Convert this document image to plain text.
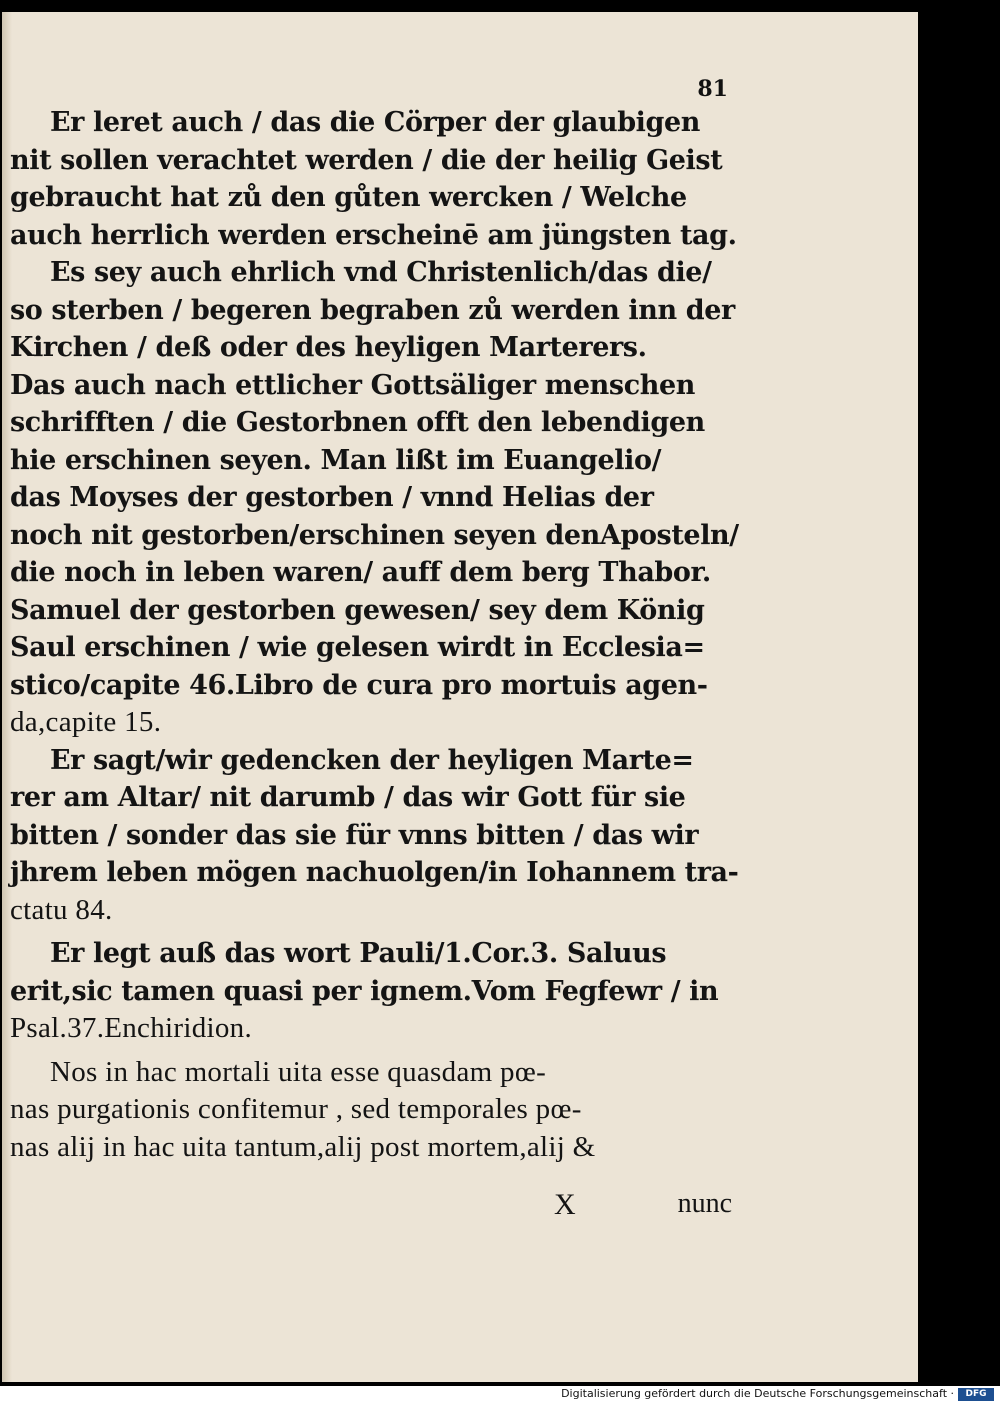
81
Er leret auch / das die Cörper der glaubigen
nit sollen verachtet werden / die der heilig Geist
gebraucht hat zů den gůten wercken / Welche
auch herrlich werden erscheinē am jüngsten tag.
Es sey auch ehrlich vnd Christenlich/das die/
so sterben / begeren begraben zů werden inn der
Kirchen / deß oder des heyligen Marterers.
Das auch nach ettlicher Gottsäliger menschen
schrifften / die Gestorbnen offt den lebendigen
hie erschinen seyen. Man lißt im Euangelio/
das Moyses der gestorben / vnnd Helias der
noch nit gestorben/erschinen seyen denAposteln/
die noch in leben waren/ auff dem berg Thabor.
Samuel der gestorben gewesen/ sey dem König
Saul erschinen / wie gelesen wirdt in Ecclesia=
stico/capite 46.Libro de cura pro mortuis agen-
da,capite 15.
Er sagt/wir gedencken der heyligen Marte=
rer am Altar/ nit darumb / das wir Gott für sie
bitten / sonder das sie für vnns bitten / das wir
jhrem leben mögen nachuolgen/in Iohannem tra-
ctatu 84.
Er legt auß das wort Pauli/1.Cor.3. Saluus
erit,sic tamen quasi per ignem.Vom Fegfewr / in
Psal.37.Enchiridion.
Nos in hac mortali uita esse quasdam pœ-
nas purgationis confitemur , sed temporales pœ-
nas alij in hac uita tantum,alij post mortem,alij &
X	nunc
Digitalisierung gefördert durch die Deutsche Forschungsgemeinschaft ·	DFG
